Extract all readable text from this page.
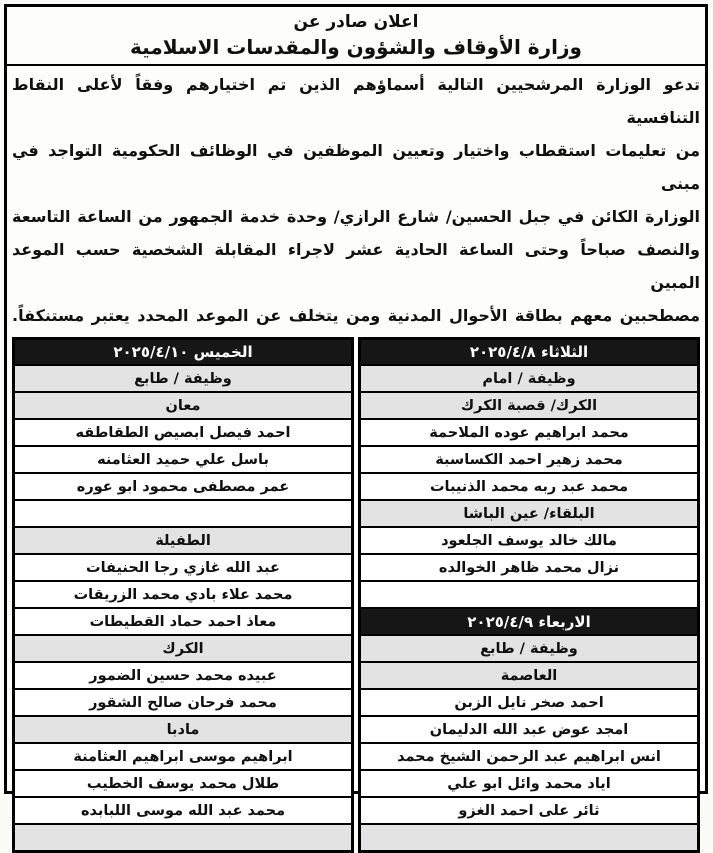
اعلان صادر عن
وزارة الأوقاف والشؤون والمقدسات الاسلامية
تدعو الوزارة المرشحيين التالية أسماؤهم الذين تم اختيارهم وفقاً لأعلى النقاط التنافسية
من تعليمات استقطاب واختيار وتعيين الموظفين في الوظائف الحكومية التواجد في مبنى
الوزارة الكائن في جبل الحسين/ شارع الرازي/ وحدة خدمة الجمهور من الساعة التاسعة
والنصف صباحاً وحتى الساعة الحادية عشر لاجراء المقابلة الشخصية حسب الموعد المبين
مصطحبين معهم بطاقة الأحوال المدنية ومن يتخلف عن الموعد المحدد يعتبر مستنكفاً.
الثلاثاء ٢٠٢٥/٤/٨
وظيفة / امام
الكرك/ قصبة الكرك
محمد ابراهيم عوده الملاحمة
محمد زهير احمد الكساسبة
محمد عبد ربه محمد الذنيبات
البلقاء/ عين الباشا
مالك خالد يوسف الجلعود
نزال محمد ظاهر الخوالده

الاربعاء ٢٠٢٥/٤/٩
وظيفة / طابع
العاصمة
احمد صخر نايل الزبن
امجد عوض عبد الله الدليمان
انس ابراهيم عبد الرحمن الشيخ محمد
اياد محمد وائل ابو علي
ثائر على احمد الغزو

الخميس ٢٠٢٥/٤/١٠
وظيفة / طابع
معان
احمد فيصل ابصيص الطقاطقه
باسل علي حميد العثامنه
عمر مصطفى محمود ابو عوره

الطفيلة
عبد الله غازي رجا الحنيفات
محمد علاء بادي محمد الزريقات
معاذ احمد حماد القطيطات
الكرك
عبيده محمد حسين الضمور
محمد فرحان صالح الشقور
مادبا
ابراهيم موسى ابراهيم العثامنة
طلال محمد يوسف الخطيب
محمد عبد الله موسى اللبابده
